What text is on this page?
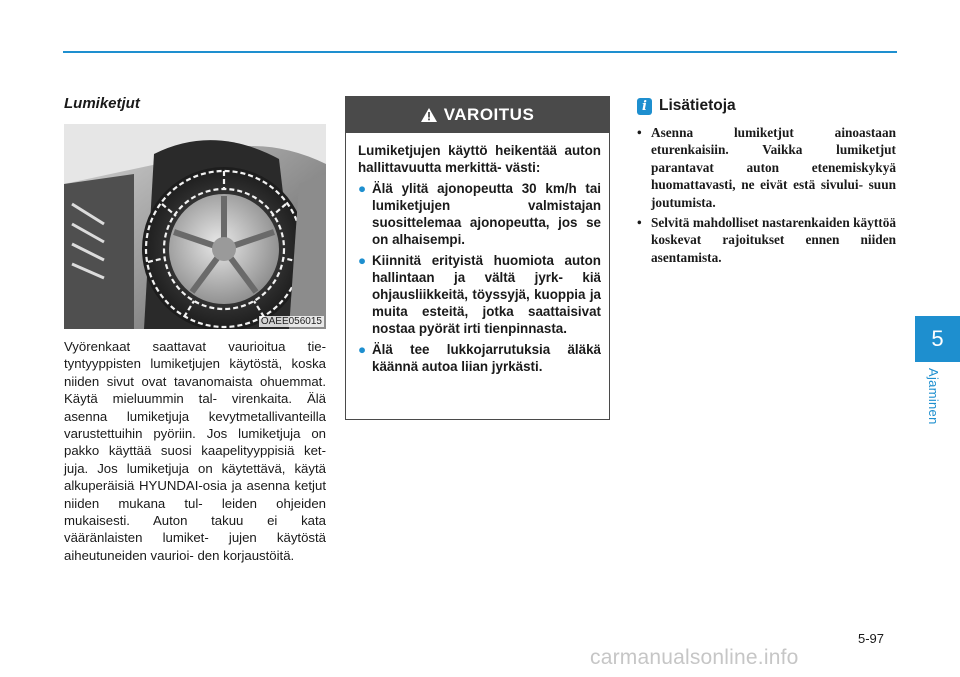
Lumiketjut
OAEE056015

Vyörenkaat saattavat vaurioitua tie- tyntyyppisten lumiketjujen käytöstä, koska niiden sivut ovat tavanomaista ohuemmat. Käytä mieluummin tal- virenkaita. Älä asenna lumiketjuja kevytmetallivanteilla varustettuihin pyöriin. Jos lumiketjuja on pakko käyttää suosi kaapelityyppisiä ket- juja. Jos lumiketjuja on käytettävä, käytä alkuperäisiä HYUNDAI-osia ja asenna ketjut niiden mukana tul- leiden ohjeiden mukaisesti. Auton takuu ei kata vääränlaisten lumiket- jujen käytöstä aiheutuneiden vaurioi- den korjaustöitä.

VAROITUS

Lumiketjujen käyttö heikentää auton hallittavuutta merkittä- västi:

● Älä ylitä ajonopeutta 30 km/h tai lumiketjujen valmistajan suosittelemaa ajonopeutta, jos se on alhaisempi.
● Kiinnitä erityistä huomiota auton hallintaan ja vältä jyrk- kiä ohjausliikkeitä, töyssyjä, kuoppia ja muita esteitä, jotka saattaisivat nostaa pyörät irti tienpinnasta.
● Älä tee lukkojarrutuksia äläkä käännä autoa liian jyrkästi.
i Lisätietoja
• Asenna lumiketjut ainoastaan eturenkaisiin. Vaikka lumiketjut parantavat auton etenemiskykyä huomattavasti, ne eivät estä sivului- suun joutumista.
• Selvitä mahdolliset nastarenkaiden käyttöä koskevat rajoitukset ennen niiden asentamista.
5
Ajaminen
5-97
carmanualsonline.info
